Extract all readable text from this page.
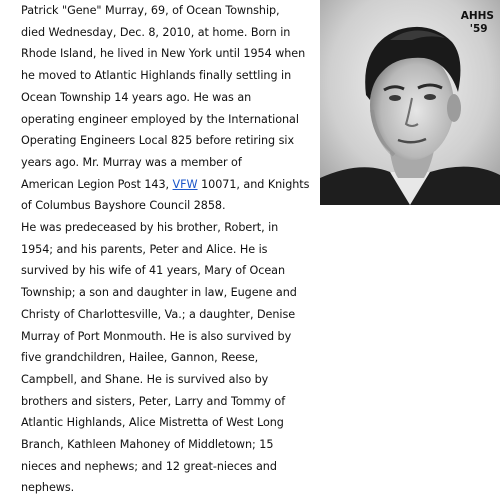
Patrick "Gene" Murray, 69, of Ocean Township,
died Wednesday, Dec. 8, 2010, at home. Born in
Rhode Island, he lived in New York until 1954 when
he moved to Atlantic Highlands finally settling in
Ocean Township 14 years ago. He was an
operating engineer employed by the International
Operating Engineers Local 825 before retiring six
years ago. Mr. Murray was a member of
American Legion Post 143, VFW 10071, and Knights
of Columbus Bayshore Council 2858.
He was predeceased by his brother, Robert, in
1954; and his parents, Peter and Alice. He is
survived by his wife of 41 years, Mary of Ocean
Township; a son and daughter in law, Eugene and
Christy of Charlottesville, Va.; a daughter, Denise
Murray of Port Monmouth. He is also survived by
five grandchildren, Hailee, Gannon, Reese,
Campbell, and Shane. He is survived also by
brothers and sisters, Peter, Larry and Tommy of
Atlantic Highlands, Alice Mistretta of West Long
Branch, Kathleen Mahoney of Middletown; 15
nieces and nephews; and 12 great-nieces and
nephews.
AHHS
'59
